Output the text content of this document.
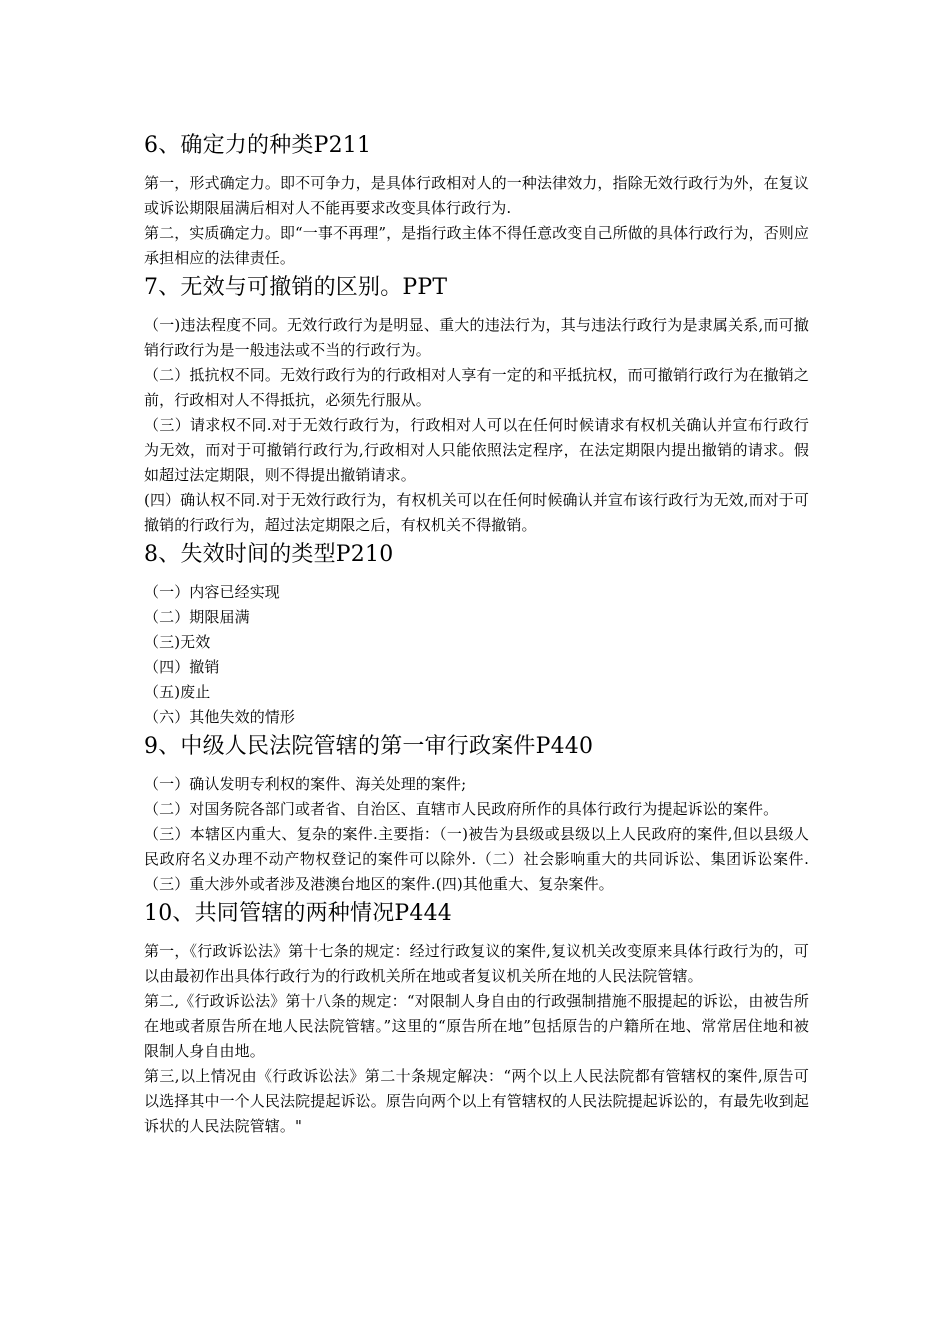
6、确定力的种类P211

第一，形式确定力。即不可争力，是具体行政相对人的一种法律效力，指除无效行政行为外，在复议或诉讼期限届满后相对人不能再要求改变具体行政行为.

第二，实质确定力。即“一事不再理”，是指行政主体不得任意改变自己所做的具体行政行为，否则应承担相应的法律责任。

7、无效与可撤销的区别。PPT

（一)违法程度不同。无效行政行为是明显、重大的违法行为，其与违法行政行为是隶属关系,而可撤销行政行为是一般违法或不当的行政行为。

（二）抵抗权不同。无效行政行为的行政相对人享有一定的和平抵抗权，而可撤销行政行为在撤销之前，行政相对人不得抵抗，必须先行服从。

（三）请求权不同.对于无效行政行为，行政相对人可以在任何时候请求有权机关确认并宣布行政行为无效，而对于可撤销行政行为,行政相对人只能依照法定程序，在法定期限内提出撤销的请求。假如超过法定期限，则不得提出撤销请求。

(四）确认权不同.对于无效行政行为，有权机关可以在任何时候确认并宣布该行政行为无效,而对于可撤销的行政行为，超过法定期限之后，有权机关不得撤销。

8、失效时间的类型P210

（一）内容已经实现

（二）期限届满

（三)无效

（四）撤销

（五)废止

（六）其他失效的情形

9、中级人民法院管辖的第一审行政案件P440

（一）确认发明专利权的案件、海关处理的案件;

（二）对国务院各部门或者省、自治区、直辖市人民政府所作的具体行政行为提起诉讼的案件。

（三）本辖区内重大、复杂的案件.主要指：（一)被告为县级或县级以上人民政府的案件,但以县级人民政府名义办理不动产物权登记的案件可以除外.（二）社会影响重大的共同诉讼、集团诉讼案件.（三）重大涉外或者涉及港澳台地区的案件.(四)其他重大、复杂案件。

10、共同管辖的两种情况P444

第一，《行政诉讼法》第十七条的规定：经过行政复议的案件,复议机关改变原来具体行政行为的，可以由最初作出具体行政行为的行政机关所在地或者复议机关所在地的人民法院管辖。

第二,《行政诉讼法》第十八条的规定：“对限制人身自由的行政强制措施不服提起的诉讼，由被告所在地或者原告所在地人民法院管辖。”这里的“原告所在地”包括原告的户籍所在地、常常居住地和被限制人身自由地。

第三,以上情况由《行政诉讼法》第二十条规定解决：“两个以上人民法院都有管辖权的案件,原告可以选择其中一个人民法院提起诉讼。原告向两个以上有管辖权的人民法院提起诉讼的，有最先收到起诉状的人民法院管辖。"
